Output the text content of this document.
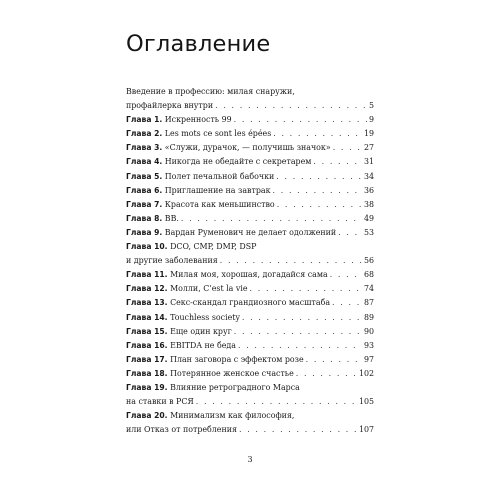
Оглавление
Введение в профессию: милая снаружи,
профайлерка внутри . . .	5
Глава 1. Искренность 99 . . .	9
Глава 2. Les mots ce sont les épées . . .	19
Глава 3. «Служи, дурачок, — получишь значок» . . .	27
Глава 4. Никогда не обедайте с секретарем . . .	31
Глава 5. Полет печальной бабочки . . .	34
Глава 6. Приглашение на завтрак . . .	36
Глава 7. Красота как меньшинство . . .	38
Глава 8. ВВ. . . .	49
Глава 9. Вардан Руменович не делает одолжений . . .	53
Глава 10. DCO, CMP, DMP, DSP
и другие заболевания . . .	56
Глава 11. Милая моя, хорошая, догадайся сама . . .	68
Глава 12. Молли, C’est la vie . . .	74
Глава 13. Секс-скандал грандиозного масштаба . . .	87
Глава 14. Touchless society . . .	89
Глава 15. Еще один круг . . .	90
Глава 16. EBITDA не беда . . .	93
Глава 17. План заговора с эффектом розе . . .	97
Глава 18. Потерянное женское счастье . . .	102
Глава 19. Влияние ретроградного Марса
на ставки в РСЯ . . .	105
Глава 20. Минимализм как философия,
или Отказ от потребления . . .	107
3
